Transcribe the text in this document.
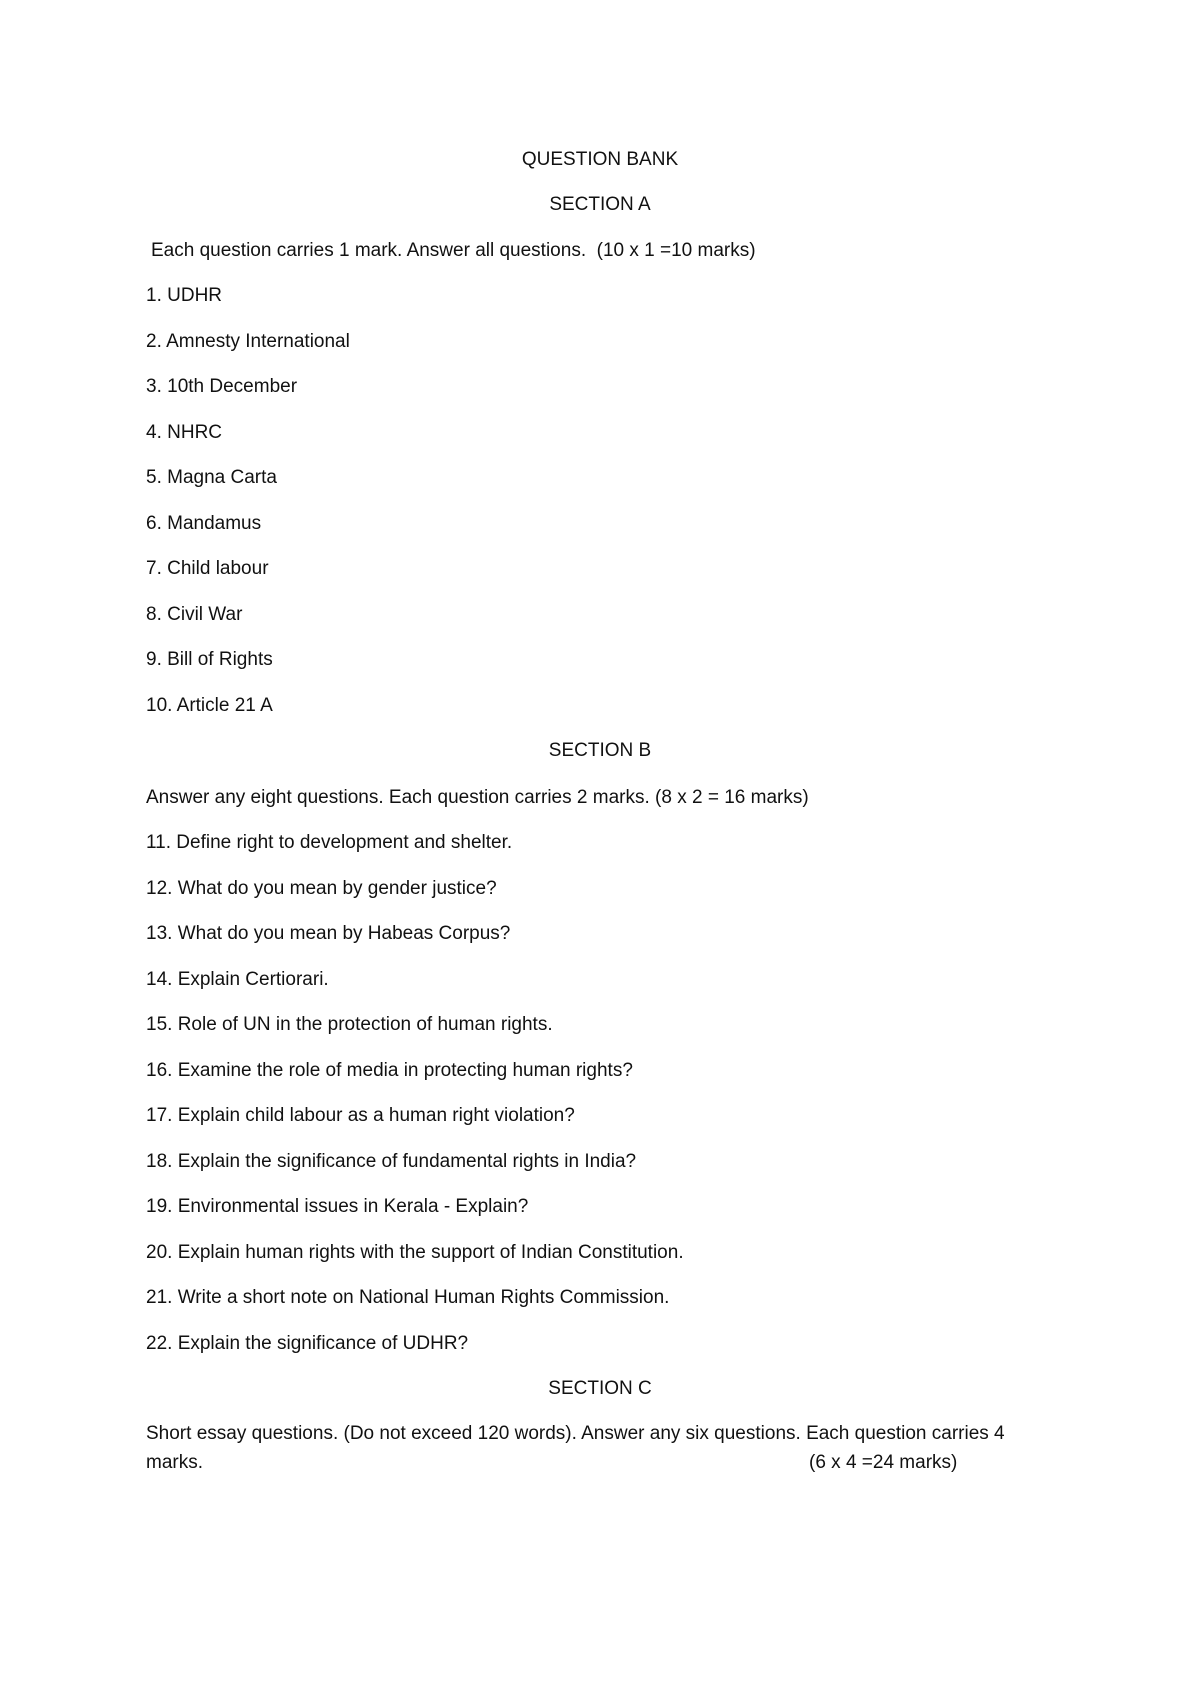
QUESTION BANK
SECTION A
Each question carries 1 mark. Answer all questions.  (10 x 1 =10 marks)
1. UDHR
2. Amnesty International
3. 10th December
4. NHRC
5. Magna Carta
6. Mandamus
7. Child labour
8. Civil War
9. Bill of Rights
10. Article 21 A
SECTION B
Answer any eight questions. Each question carries 2 marks. (8 x 2 = 16 marks)
11. Define right to development and shelter.
12. What do you mean by gender justice?
13. What do you mean by Habeas Corpus?
14. Explain Certiorari.
15. Role of UN in the protection of human rights.
16. Examine the role of media in protecting human rights?
17. Explain child labour as a human right violation?
18. Explain the significance of fundamental rights in India?
19. Environmental issues in Kerala - Explain?
20. Explain human rights with the support of Indian Constitution.
21. Write a short note on National Human Rights Commission.
22. Explain the significance of UDHR?
SECTION C
Short essay questions. (Do not exceed 120 words). Answer any six questions. Each question carries 4
marks.	(6 x 4 =24 marks)
